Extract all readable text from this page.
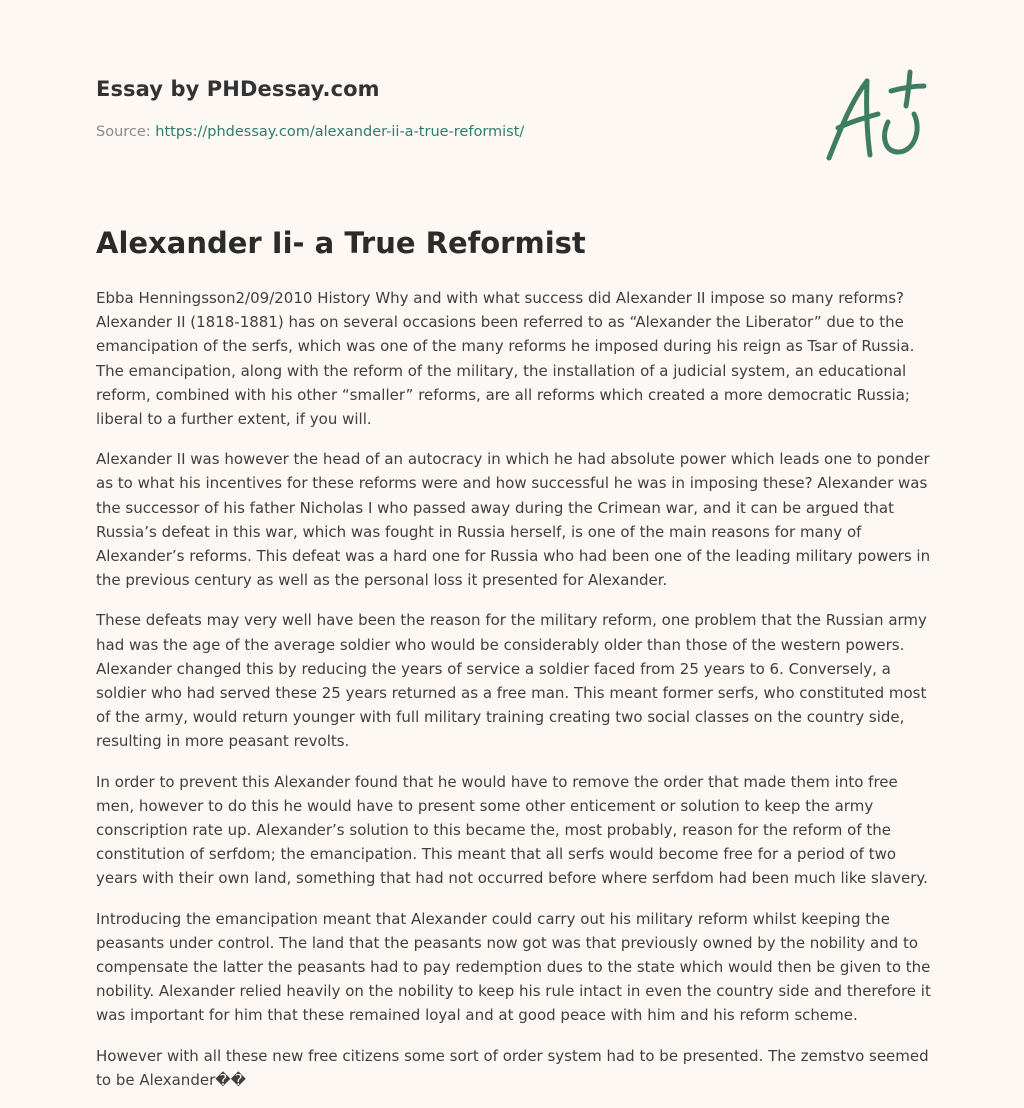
Essay by PHDessay.com
Source: https://phdessay.com/alexander-ii-a-true-reformist/
Alexander Ii- a True Reformist

Ebba Henningsson2/09/2010 History Why and with what success did Alexander II impose so many reforms? Alexander II (1818-1881) has on several occasions been referred to as “Alexander the Liberator” due to the emancipation of the serfs, which was one of the many reforms he imposed during his reign as Tsar of Russia. The emancipation, along with the reform of the military, the installation of a judicial system, an educational reform, combined with his other “smaller” reforms, are all reforms which created a more democratic Russia; liberal to a further extent, if you will.

Alexander II was however the head of an autocracy in which he had absolute power which leads one to ponder as to what his incentives for these reforms were and how successful he was in imposing these? Alexander was the successor of his father Nicholas I who passed away during the Crimean war, and it can be argued that Russia’s defeat in this war, which was fought in Russia herself, is one of the main reasons for many of Alexander’s reforms. This defeat was a hard one for Russia who had been one of the leading military powers in the previous century as well as the personal loss it presented for Alexander.

These defeats may very well have been the reason for the military reform, one problem that the Russian army had was the age of the average soldier who would be considerably older than those of the western powers. Alexander changed this by reducing the years of service a soldier faced from 25 years to 6. Conversely, a soldier who had served these 25 years returned as a free man. This meant former serfs, who constituted most of the army, would return younger with full military training creating two social classes on the country side, resulting in more peasant revolts.

In order to prevent this Alexander found that he would have to remove the order that made them into free men, however to do this he would have to present some other enticement or solution to keep the army conscription rate up. Alexander’s solution to this became the, most probably, reason for the reform of the constitution of serfdom; the emancipation. This meant that all serfs would become free for a period of two years with their own land, something that had not occurred before where serfdom had been much like slavery.

Introducing the emancipation meant that Alexander could carry out his military reform whilst keeping the peasants under control. The land that the peasants now got was that previously owned by the nobility and to compensate the latter the peasants had to pay redemption dues to the state which would then be given to the nobility. Alexander relied heavily on the nobility to keep his rule intact in even the country side and therefore it was important for him that these remained loyal and at good peace with him and his reform scheme.

However with all these new free citizens some sort of order system had to be presented. The zemstvo seemed to be Alexander��
